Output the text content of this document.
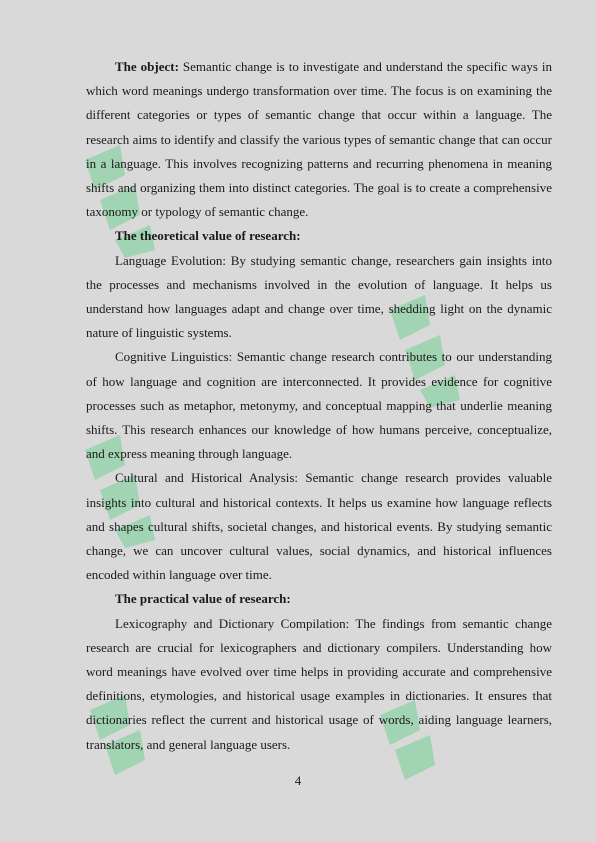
The object: Semantic change is to investigate and understand the specific ways in which word meanings undergo transformation over time. The focus is on examining the different categories or types of semantic change that occur within a language. The research aims to identify and classify the various types of semantic change that can occur in a language. This involves recognizing patterns and recurring phenomena in meaning shifts and organizing them into distinct categories. The goal is to create a comprehensive taxonomy or typology of semantic change.

The theoretical value of research:

Language Evolution: By studying semantic change, researchers gain insights into the processes and mechanisms involved in the evolution of language. It helps us understand how languages adapt and change over time, shedding light on the dynamic nature of linguistic systems.

Cognitive Linguistics: Semantic change research contributes to our understanding of how language and cognition are interconnected. It provides evidence for cognitive processes such as metaphor, metonymy, and conceptual mapping that underlie meaning shifts. This research enhances our knowledge of how humans perceive, conceptualize, and express meaning through language.

Cultural and Historical Analysis: Semantic change research provides valuable insights into cultural and historical contexts. It helps us examine how language reflects and shapes cultural shifts, societal changes, and historical events. By studying semantic change, we can uncover cultural values, social dynamics, and historical influences encoded within language over time.

The practical value of research:

Lexicography and Dictionary Compilation: The findings from semantic change research are crucial for lexicographers and dictionary compilers. Understanding how word meanings have evolved over time helps in providing accurate and comprehensive definitions, etymologies, and historical usage examples in dictionaries. It ensures that dictionaries reflect the current and historical usage of words, aiding language learners, translators, and general language users.

4
